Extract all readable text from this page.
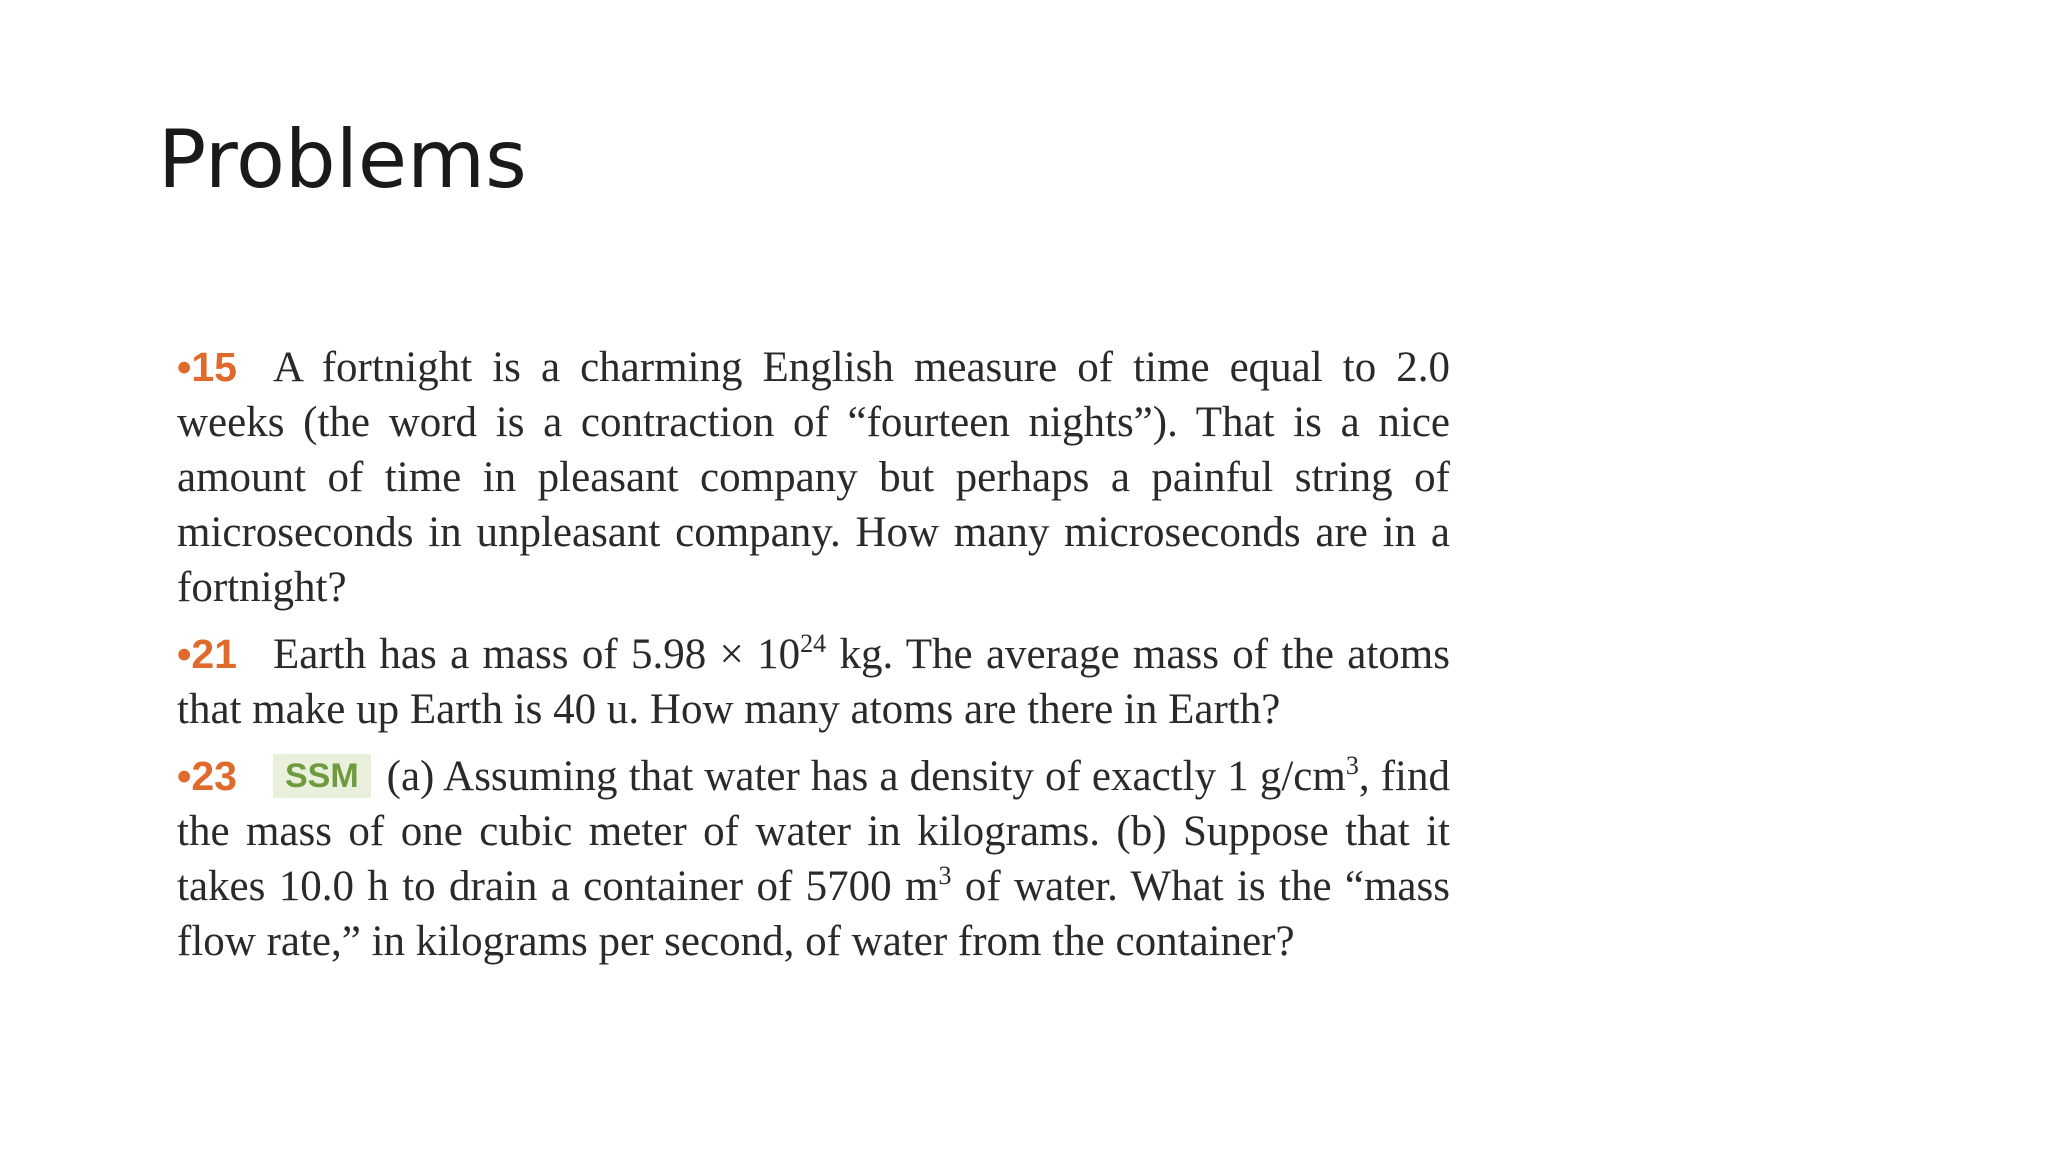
Problems

•15 A fortnight is a charming English measure of time equal to 2.0 weeks (the word is a contraction of “fourteen nights”). That is a nice amount of time in pleasant company but perhaps a painful string of microseconds in unpleasant company. How many microseconds are in a fortnight?

•21 Earth has a mass of $5.98 \times 10^{24}$ kg. The average mass of the atoms that make up Earth is 40 u. How many atoms are there in Earth?

•23 SSM (a) Assuming that water has a density of exactly 1 $g/cm^3$, find the mass of one cubic meter of water in kilograms. (b) Suppose that it takes 10.0 h to drain a container of 5700 $m^3$ of water. What is the “mass flow rate,” in kilograms per second, of water from the container?
